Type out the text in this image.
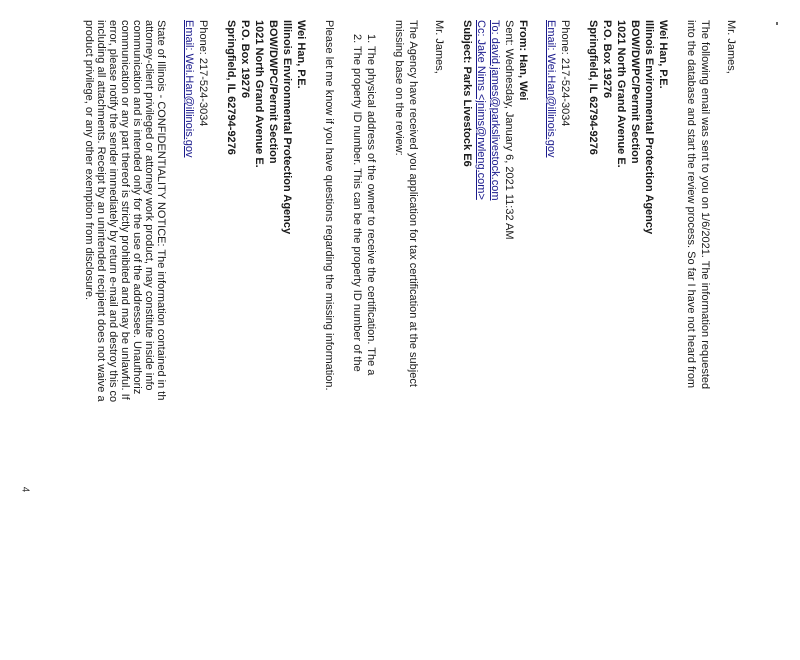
Mr. James,
The following email was sent to you on 1/6/2021. The information requested
into the database and start the review process. So far I have not heard from
Wei Han, P.E.
Illinois Environmental Protection Agency
BOW/DWPC/Permit Section
1021 North Grand Avenue E.
P.O. Box 19276
Springfield, IL 62794-9276
Phone: 217-524-3034
Email: Wei.Han@illinois.gov
From: Han, Wei
Sent: Wednesday, January 6, 2021 11:32 AM
To: david.james@parkslivestock.com
Cc: Jake Nims <jnims@rwleng.com>
Subject: Parks Livestock E6
Mr. James,
The Agency have received you application for tax certification at the subject
missing base on the review:
1. The physical address of the owner to receive the certification. The a
2. The property ID number. This can be the property ID number of the
Please let me know if you have questions regarding the missing information.
Wei Han, P.E.
Illinois Environmental Protection Agency
BOW/DWPC/Permit Section
1021 North Grand Avenue E.
P.O. Box 19276
Springfield, IL 62794-9276
Phone: 217-524-3034
Email: Wei.Han@illinois.gov
State of Illinois - CONFIDENTIALITY NOTICE: The information contained in th
attorney-client privileged or attorney work product, may constitute inside info
communication and is intended only for the use of the addressee. Unauthoriz
communication or any part thereof is strictly prohibited and may be unlawful. If
error, please notify the sender immediately by return e-mail and destroy this co
including all attachments. Receipt by an unintended recipient does not waive a
product privilege, or any other exemption from disclosure.
4
